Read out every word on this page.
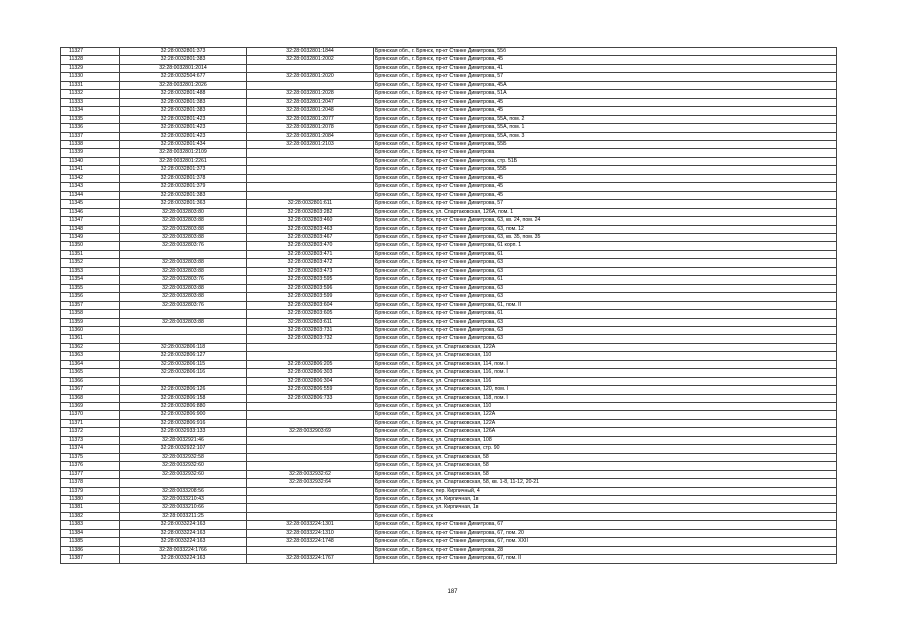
11327	32:28:0032801:373	32:28:0032801:1844	Брянская обл., г. Брянск, пр-кт Станке Димитрова, 55б
11328	32:28:0032801:383	32:28:0032801:2002	Брянская обл., г. Брянск, пр-кт Станке Димитрова, 45
11329	32:28:0032801:2014		Брянская обл., г. Брянск, пр-кт Станке Димитрова, 41
11330	32:28:0032504:677	32:28:0032801:2020	Брянская обл., г. Брянск, пр-кт Станке Димитрова, 57
11331	32:28:0032801:2026		Брянская обл., г. Брянск, пр-кт Станке Димитрова, 45А
11332	32:28:0032801:488	32:28:0032801:2028	Брянская обл., г. Брянск, пр-кт Станке Димитрова, 51А
11333	32:28:0032801:383	32:28:0032801:2047	Брянская обл., г. Брянск, пр-кт Станке Димитрова, 45
11334	32:28:0032801:383	32:28:0032801:2048	Брянская обл., г. Брянск, пр-кт Станке Димитрова, 45
11335	32:28:0032801:423	32:28:0032801:2077	Брянская обл., г. Брянск, пр-кт Станке Димитрова, 55А, пом. 2
11336	32:28:0032801:423	32:28:0032801:2078	Брянская обл., г. Брянск, пр-кт Станке Димитрова, 55А, пом. 1
11337	32:28:0032801:423	32:28:0032801:2084	Брянская обл., г. Брянск, пр-кт Станке Димитрова, 55А, пом. 3
11338	32:28:0032801:434	32:28:0032801:2103	Брянская обл., г. Брянск, пр-кт Станке Димитрова, 55Б
11339	32:28:0032801:2109		Брянская обл., г. Брянск, пр-кт Станке Димитрова
11340	32:28:0032801:2261		Брянская обл., г. Брянск, пр-кт Станке Димитрова, стр. 51Б
11341	32:28:0032801:373		Брянская обл., г. Брянск, пр-кт Станке Димитрова, 55Б
11342	32:28:0032801:378		Брянская обл., г. Брянск, пр-кт Станке Димитрова, 45
11343	32:28:0032801:379		Брянская обл., г. Брянск, пр-кт Станке Димитрова, 45
11344	32:28:0032801:383		Брянская обл., г. Брянск, пр-кт Станке Димитрова, 45
11345	32:28:0032801:363	32:28:0032801:611	Брянская обл., г. Брянск, пр-кт Станке Димитрова, 57
11346	32:28:0032803:80	32:28:0032803:282	Брянская обл., г. Брянск, ул. Спартаковская, 126А, пом. 1
11347	32:28:0032803:88	32:28:0032803:460	Брянская обл., г. Брянск, пр-кт Станке Димитрова, 63, кв. 24, пом. 24
11348	32:28:0032803:88	32:28:0032803:463	Брянская обл., г. Брянск, пр-кт Станке Димитрова, 63, пом. 12
11349	32:28:0032803:88	32:28:0032803:467	Брянская обл., г. Брянск, пр-кт Станке Димитрова, 63, кв. 35, пом. 35
11350	32:28:0032803:76	32:28:0032803:470	Брянская обл., г. Брянск, пр-кт Станке Димитрова, 61 корп. 1
11351		32:28:0032803:471	Брянская обл., г. Брянск, пр-кт Станке Димитрова, 61
11352	32:28:0032803:88	32:28:0032803:472	Брянская обл., г. Брянск, пр-кт Станке Димитрова, 63
11353	32:28:0032803:88	32:28:0032803:473	Брянская обл., г. Брянск, пр-кт Станке Димитрова, 63
11354	32:28:0032803:76	32:28:0032803:595	Брянская обл., г. Брянск, пр-кт Станке Димитрова, 61
11355	32:28:0032803:88	32:28:0032803:596	Брянская обл., г. Брянск, пр-кт Станке Димитрова, 63
11356	32:28:0032803:88	32:28:0032803:599	Брянская обл., г. Брянск, пр-кт Станке Димитрова, 63
11357	32:28:0032803:76	32:28:0032803:604	Брянская обл., г. Брянск, пр-кт Станке Димитрова, 61, пом. II
11358		32:28:0032803:605	Брянская обл., г. Брянск, пр-кт Станке Димитрова, 61
11359	32:28:0032803:88	32:28:0032803:611	Брянская обл., г. Брянск, пр-кт Станке Димитрова, 63
11360		32:28:0032803:731	Брянская обл., г. Брянск, пр-кт Станке Димитрова, 63
11361		32:28:0032803:732	Брянская обл., г. Брянск, пр-кт Станке Димитрова, 63
11362	32:28:0032806:118		Брянская обл., г. Брянск, ул. Спартаковская, 122А
11363	32:28:0032806:127		Брянская обл., г. Брянск, ул. Спартаковская, 110
11364	32:28:0032806:115	32:28:0032806:205	Брянская обл., г. Брянск, ул. Спартаковская, 114, пом. I
11365	32:28:0032806:116	32:28:0032806:303	Брянская обл., г. Брянск, ул. Спартаковская, 116, пом. I
11366		32:28:0032806:304	Брянская обл., г. Брянск, ул. Спартаковская, 116
11367	32:28:0032806:126	32:28:0032806:559	Брянская обл., г. Брянск, ул. Спартаковская, 120, пом. I
11368	32:28:0032806:158	32:28:0032806:733	Брянская обл., г. Брянск, ул. Спартаковская, 118, пом. I
11369	32:28:0032806:880		Брянская обл., г. Брянск, ул. Спартаковская, 110
11370	32:28:0032806:900		Брянская обл., г. Брянск, ул. Спартаковская, 122А
11371	32:28:0032806:916		Брянская обл., г. Брянск, ул. Спартаковская, 122А
11372	32:28:0032933:133	32:28:0032903:69	Брянская обл., г. Брянск, ул. Спартаковская, 126А
11373	32:28:0032921:46		Брянская обл., г. Брянск, ул. Спартаковская, 108
11374	32:28:0032922:107		Брянская обл., г. Брянск, ул. Спартаковская, стр. 90
11375	32:28:0032932:58		Брянская обл., г. Брянск, ул. Спартаковская, 58
11376	32:28:0032932:60		Брянская обл., г. Брянск, ул. Спартаковская, 58
11377	32:28:0032932:60	32:28:0032932:62	Брянская обл., г. Брянск, ул. Спартаковская, 58
11378		32:28:0032932:64	Брянская обл., г. Брянск, ул. Спартаковская, 58, кв. 1-8, 11-12, 20-21
11379	32:28:0033208:56		Брянская обл., г. Брянск, пер. Кирпичный, 4
11380	32:28:0033210:43		Брянская обл., г. Брянск, ул. Кирпичная, 1в
11381	32:28:0033210:66		Брянская обл., г. Брянск, ул. Кирпичная, 1в
11382	32:28:0033211:25		Брянская обл., г. Брянск
11383	32:28:0033224:163	32:28:0033224:1301	Брянская обл., г. Брянск, пр-кт Станке Димитрова, 67
11384	32:28:0033224:163	32:28:0033224:1310	Брянская обл., г. Брянск, пр-кт Станке Димитрова, 67, пом. 20
11385	32:28:0033224:163	32:28:0033224:1748	Брянская обл., г. Брянск, пр-кт Станке Димитрова, 67, пом. XXII
11386	32:28:0033224:1766		Брянская обл., г. Брянск, пр-кт Станке Димитрова, 28
11387	32:28:0033224:163	32:28:0033224:1767	Брянская обл., г. Брянск, пр-кт Станке Димитрова, 67, пом. II
187
